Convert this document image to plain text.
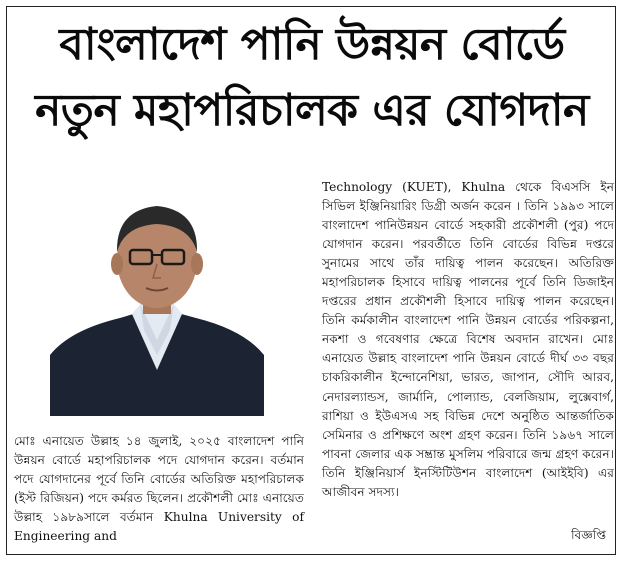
বাংলাদেশ পানি উন্নয়ন বোর্ডে
নতুন মহাপরিচালক এর যোগদান

মোঃ এনায়েত উল্লাহ ১৪ জুলাই, ২০২৫ বাংলাদেশ পানি উন্নয়ন বোর্ডে মহাপরিচালক পদে যোগদান করেন। বর্তমান পদে যোগদানের পূর্বে তিনি বোর্ডের অতিরিক্ত মহাপরিচালক (ইস্ট রিজিয়ন) পদে কর্মরত ছিলেন। প্রকৌশলী মোঃ এনায়েত উল্লাহ ১৯৮৯সালে বর্তমান Khulna University of Engineering and

Technology (KUET), Khulna থেকে বিএসসি ইন সিভিল ইঞ্জিনিয়ারিং ডিগ্রী অর্জন করেন । তিনি ১৯৯৩ সালে বাংলাদেশ পানিউন্নয়ন বোর্ডে সহকারী প্রকৌশলী (পুর) পদে যোগদান করেন। পরবর্তীতে তিনি বোর্ডের বিভিন্ন দপ্তরে সুনামের সাথে তাঁর দায়িত্ব পালন করেছেন। অতিরিক্ত মহাপরিচালক হিসাবে দায়িত্ব পালনের পূর্বে তিনি ডিজাইন দপ্তরের প্রধান প্রকৌশলী হিসাবে দায়িত্ব পালন করেছেন। তিনি কর্মকালীন বাংলাদেশ পানি উন্নয়ন বোর্ডের পরিকল্পনা, নকশা ও গবেষণার ক্ষেত্রে বিশেষ অবদান রাখেন। মোঃ এনায়েত উল্লাহ বাংলাদেশ পানি উন্নয়ন বোর্ডে দীর্ঘ ৩৩ বছর চাকরিকালীন ইন্দোনেশিয়া, ভারত, জাপান, সৌদি আরব, নেদারল্যান্ডস, জার্মানি, পোল্যান্ড, বেলজিয়াম, লুক্সেবার্গ, রাশিয়া ও ইউএসএ সহ বিভিন্ন দেশে অনুষ্ঠিত আন্তর্জাতিক সেমিনার ও প্রশিক্ষণে অংশ গ্রহণ করেন। তিনি ১৯৬৭ সালে পাবনা জেলার এক সম্ভ্রান্ত মুসলিম পরিবারে জন্ম গ্রহণ করেন। তিনি ইঞ্জিনিয়ার্স ইনস্টিটিউশন বাংলাদেশ (আইইবি) এর আজীবন সদস্য।

বিজ্ঞপ্তি
